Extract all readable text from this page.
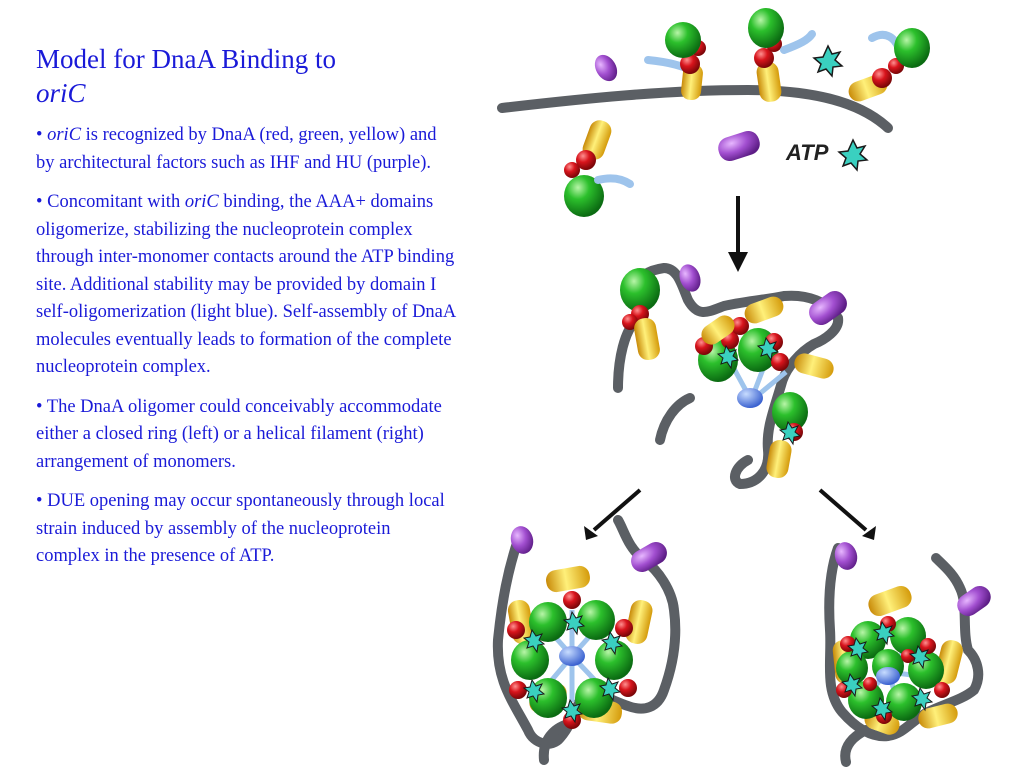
Model for DnaA Binding to
oriC

• oriC is recognized by DnaA (red, green, yellow) and by architectural factors such as IHF and HU (purple).

• Concomitant with oriC binding, the AAA+ domains oligomerize, stabilizing the nucleoprotein complex through inter-monomer contacts around the ATP binding site. Additional stability may be provided by domain I self-oligomerization (light blue). Self-assembly of DnaA molecules eventually leads to formation of the complete nucleoprotein complex.

• The DnaA oligomer could conceivably accommodate either a closed ring (left) or a helical filament (right) arrangement of monomers.

• DUE opening may occur spontaneously through local strain induced by assembly of the nucleoprotein complex in the presence of ATP.

ATP
